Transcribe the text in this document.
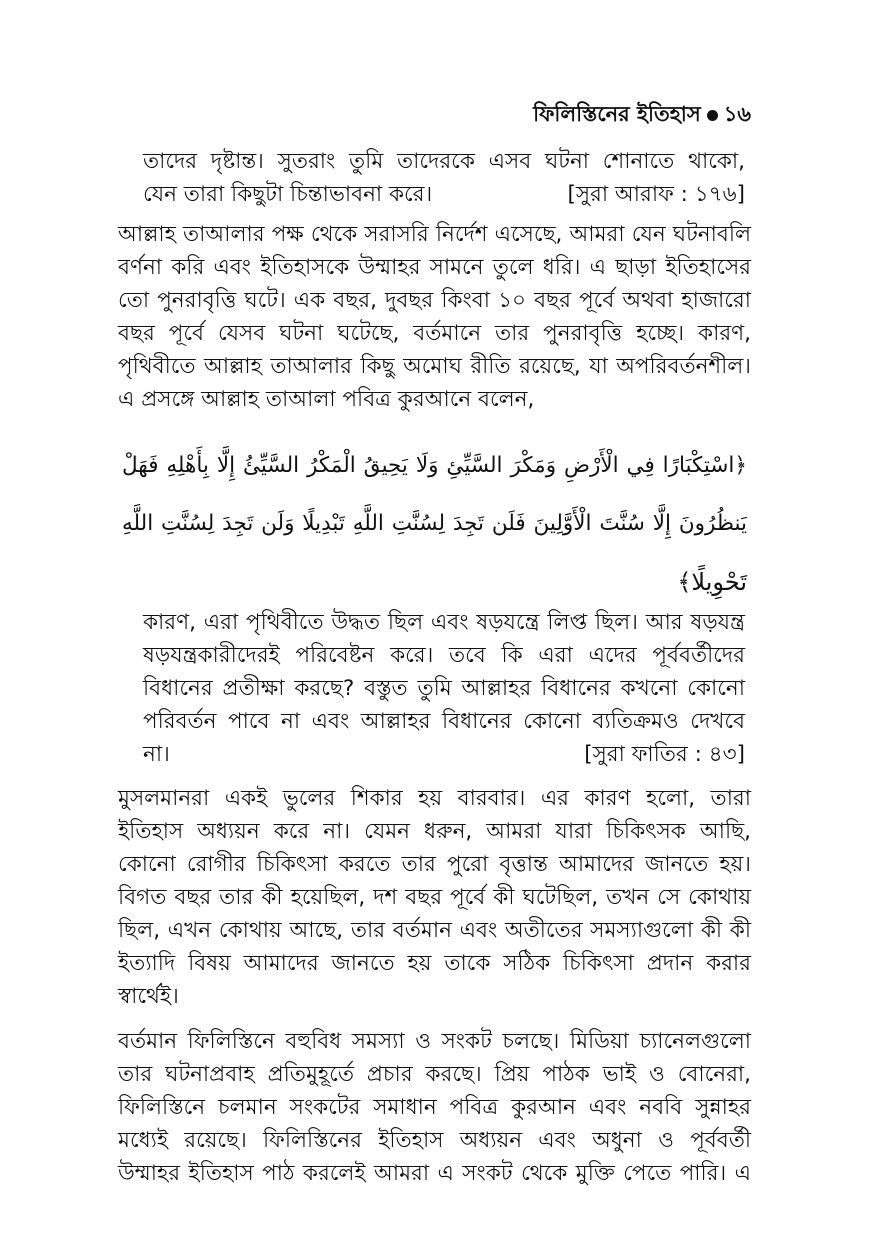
ফিলিস্তিনের ইতিহাস ১৬
তাদের দৃষ্টান্ত। সুতরাং তুমি তাদেরকে এসব ঘটনা শোনাতে থাকো,
যেন তারা কিছুটা চিন্তাভাবনা করে।	[সুরা আরাফ : ১৭৬]
আল্লাহ তাআলার পক্ষ থেকে সরাসরি নির্দেশ এসেছে, আমরা যেন ঘটনাবলি
বর্ণনা করি এবং ইতিহাসকে উম্মাহর সামনে তুলে ধরি। এ ছাড়া ইতিহাসের
তো পুনরাবৃত্তি ঘটে। এক বছর, দুবছর কিংবা ১০ বছর পূর্বে অথবা হাজারো
বছর পূর্বে যেসব ঘটনা ঘটেছে, বর্তমানে তার পুনরাবৃত্তি হচ্ছে। কারণ,
পৃথিবীতে আল্লাহ তাআলার কিছু অমোঘ রীতি রয়েছে, যা অপরিবর্তনশীল।
এ প্রসঙ্গে আল্লাহ তাআলা পবিত্র কুরআনে বলেন,
﴿اسْتِكْبَارًا فِي الْأَرْضِ وَمَكْرَ السَّيِّئِ وَلَا يَحِيقُ الْمَكْرُ السَّيِّئُ إِلَّا بِأَهْلِهِ فَهَلْ
يَنظُرُونَ إِلَّا سُنَّتَ الْأَوَّلِينَ فَلَن تَجِدَ لِسُنَّتِ اللَّهِ تَبْدِيلًا وَلَن تَجِدَ لِسُنَّتِ اللَّهِ
تَحْوِيلًا﴾
কারণ, এরা পৃথিবীতে উদ্ধত ছিল এবং ষড়যন্ত্রে লিপ্ত ছিল। আর ষড়যন্ত্র
ষড়যন্ত্রকারীদেরই পরিবেষ্টন করে। তবে কি এরা এদের পূর্ববর্তীদের
বিধানের প্রতীক্ষা করছে? বস্তুত তুমি আল্লাহর বিধানের কখনো কোনো
পরিবর্তন পাবে না এবং আল্লাহর বিধানের কোনো ব্যতিক্রমও দেখবে
না।	[সুরা ফাতির : ৪৩]
মুসলমানরা একই ভুলের শিকার হয় বারবার। এর কারণ হলো, তারা
ইতিহাস অধ্যয়ন করে না। যেমন ধরুন, আমরা যারা চিকিৎসক আছি,
কোনো রোগীর চিকিৎসা করতে তার পুরো বৃত্তান্ত আমাদের জানতে হয়।
বিগত বছর তার কী হয়েছিল, দশ বছর পূর্বে কী ঘটেছিল, তখন সে কোথায়
ছিল, এখন কোথায় আছে, তার বর্তমান এবং অতীতের সমস্যাগুলো কী কী
ইত্যাদি বিষয় আমাদের জানতে হয় তাকে সঠিক চিকিৎসা প্রদান করার
স্বার্থেই।
বর্তমান ফিলিস্তিনে বহুবিধ সমস্যা ও সংকট চলছে। মিডিয়া চ্যানেলগুলো
তার ঘটনাপ্রবাহ প্রতিমুহূর্তে প্রচার করছে। প্রিয় পাঠক ভাই ও বোনেরা,
ফিলিস্তিনে চলমান সংকটের সমাধান পবিত্র কুরআন এবং নববি সুন্নাহর
মধ্যেই রয়েছে। ফিলিস্তিনের ইতিহাস অধ্যয়ন এবং অধুনা ও পূর্ববর্তী
উম্মাহর ইতিহাস পাঠ করলেই আমরা এ সংকট থেকে মুক্তি পেতে পারি। এ
